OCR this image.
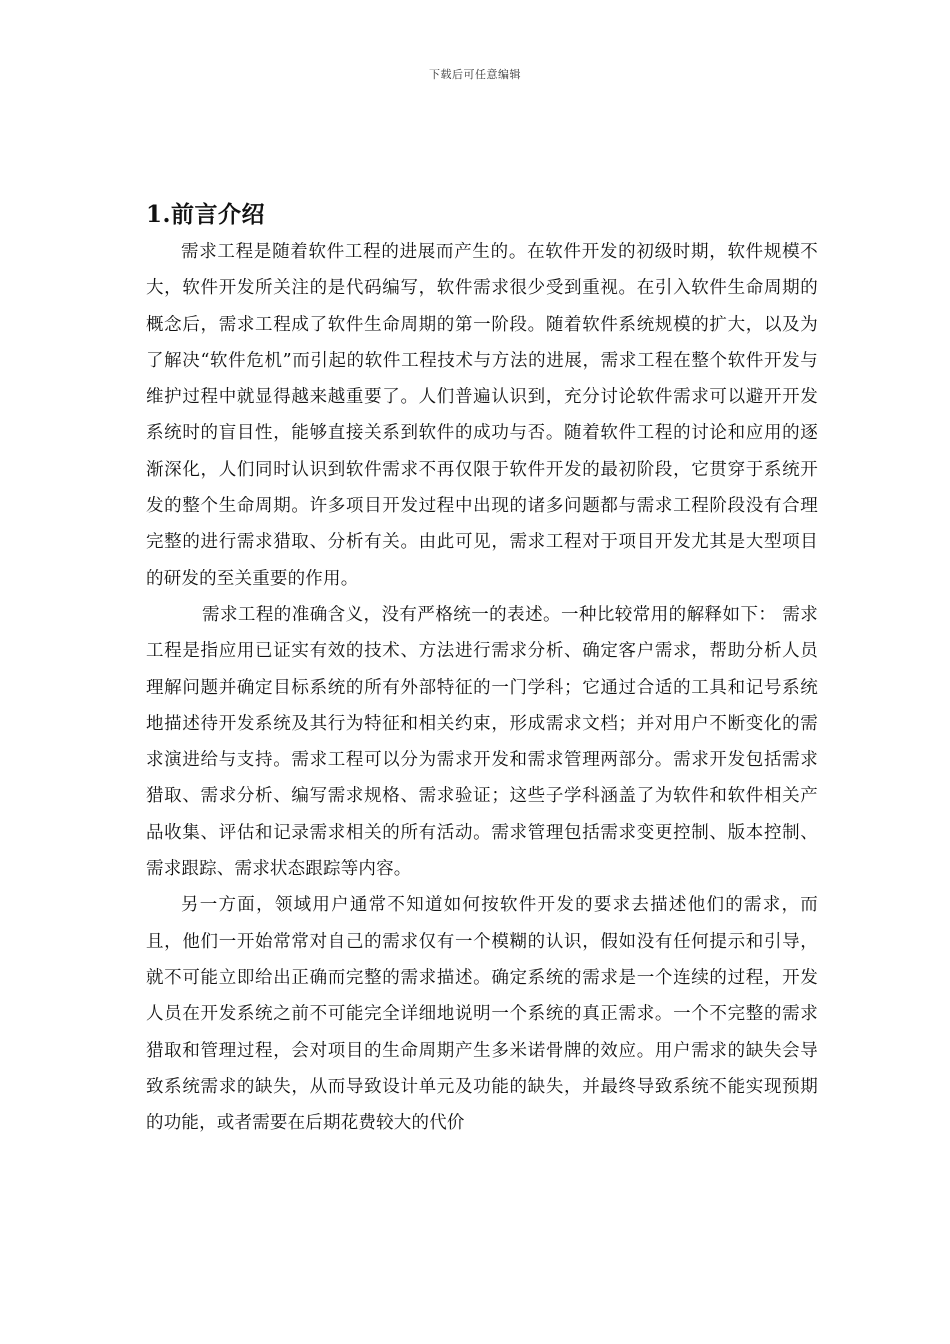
下载后可任意编辑
1.前言介绍

需求工程是随着软件工程的进展而产生的。在软件开发的初级时期，软件规模不大，软件开发所关注的是代码编写，软件需求很少受到重视。在引入软件生命周期的概念后，需求工程成了软件生命周期的第一阶段。随着软件系统规模的扩大，以及为了解决“软件危机”而引起的软件工程技术与方法的进展，需求工程在整个软件开发与维护过程中就显得越来越重要了。人们普遍认识到，充分讨论软件需求可以避开开发系统时的盲目性，能够直接关系到软件的成功与否。随着软件工程的讨论和应用的逐渐深化，人们同时认识到软件需求不再仅限于软件开发的最初阶段，它贯穿于系统开发的整个生命周期。许多项目开发过程中出现的诸多问题都与需求工程阶段没有合理完整的进行需求猎取、分析有关。由此可见，需求工程对于项目开发尤其是大型项目的研发的至关重要的作用。

需求工程的准确含义，没有严格统一的表述。一种比较常用的解释如下： 需求工程是指应用已证实有效的技术、方法进行需求分析、确定客户需求，帮助分析人员理解问题并确定目标系统的所有外部特征的一门学科；它通过合适的工具和记号系统地描述待开发系统及其行为特征和相关约束，形成需求文档；并对用户不断变化的需求演进给与支持。需求工程可以分为需求开发和需求管理两部分。需求开发包括需求猎取、需求分析、编写需求规格、需求验证；这些子学科涵盖了为软件和软件相关产品收集、评估和记录需求相关的所有活动。需求管理包括需求变更控制、版本控制、需求跟踪、需求状态跟踪等内容。

另一方面，领域用户通常不知道如何按软件开发的要求去描述他们的需求，而且，他们一开始常常对自己的需求仅有一个模糊的认识，假如没有任何提示和引导，就不可能立即给出正确而完整的需求描述。确定系统的需求是一个连续的过程，开发人员在开发系统之前不可能完全详细地说明一个系统的真正需求。一个不完整的需求猎取和管理过程，会对项目的生命周期产生多米诺骨牌的效应。用户需求的缺失会导致系统需求的缺失，从而导致设计单元及功能的缺失，并最终导致系统不能实现预期的功能，或者需要在后期花费较大的代价
